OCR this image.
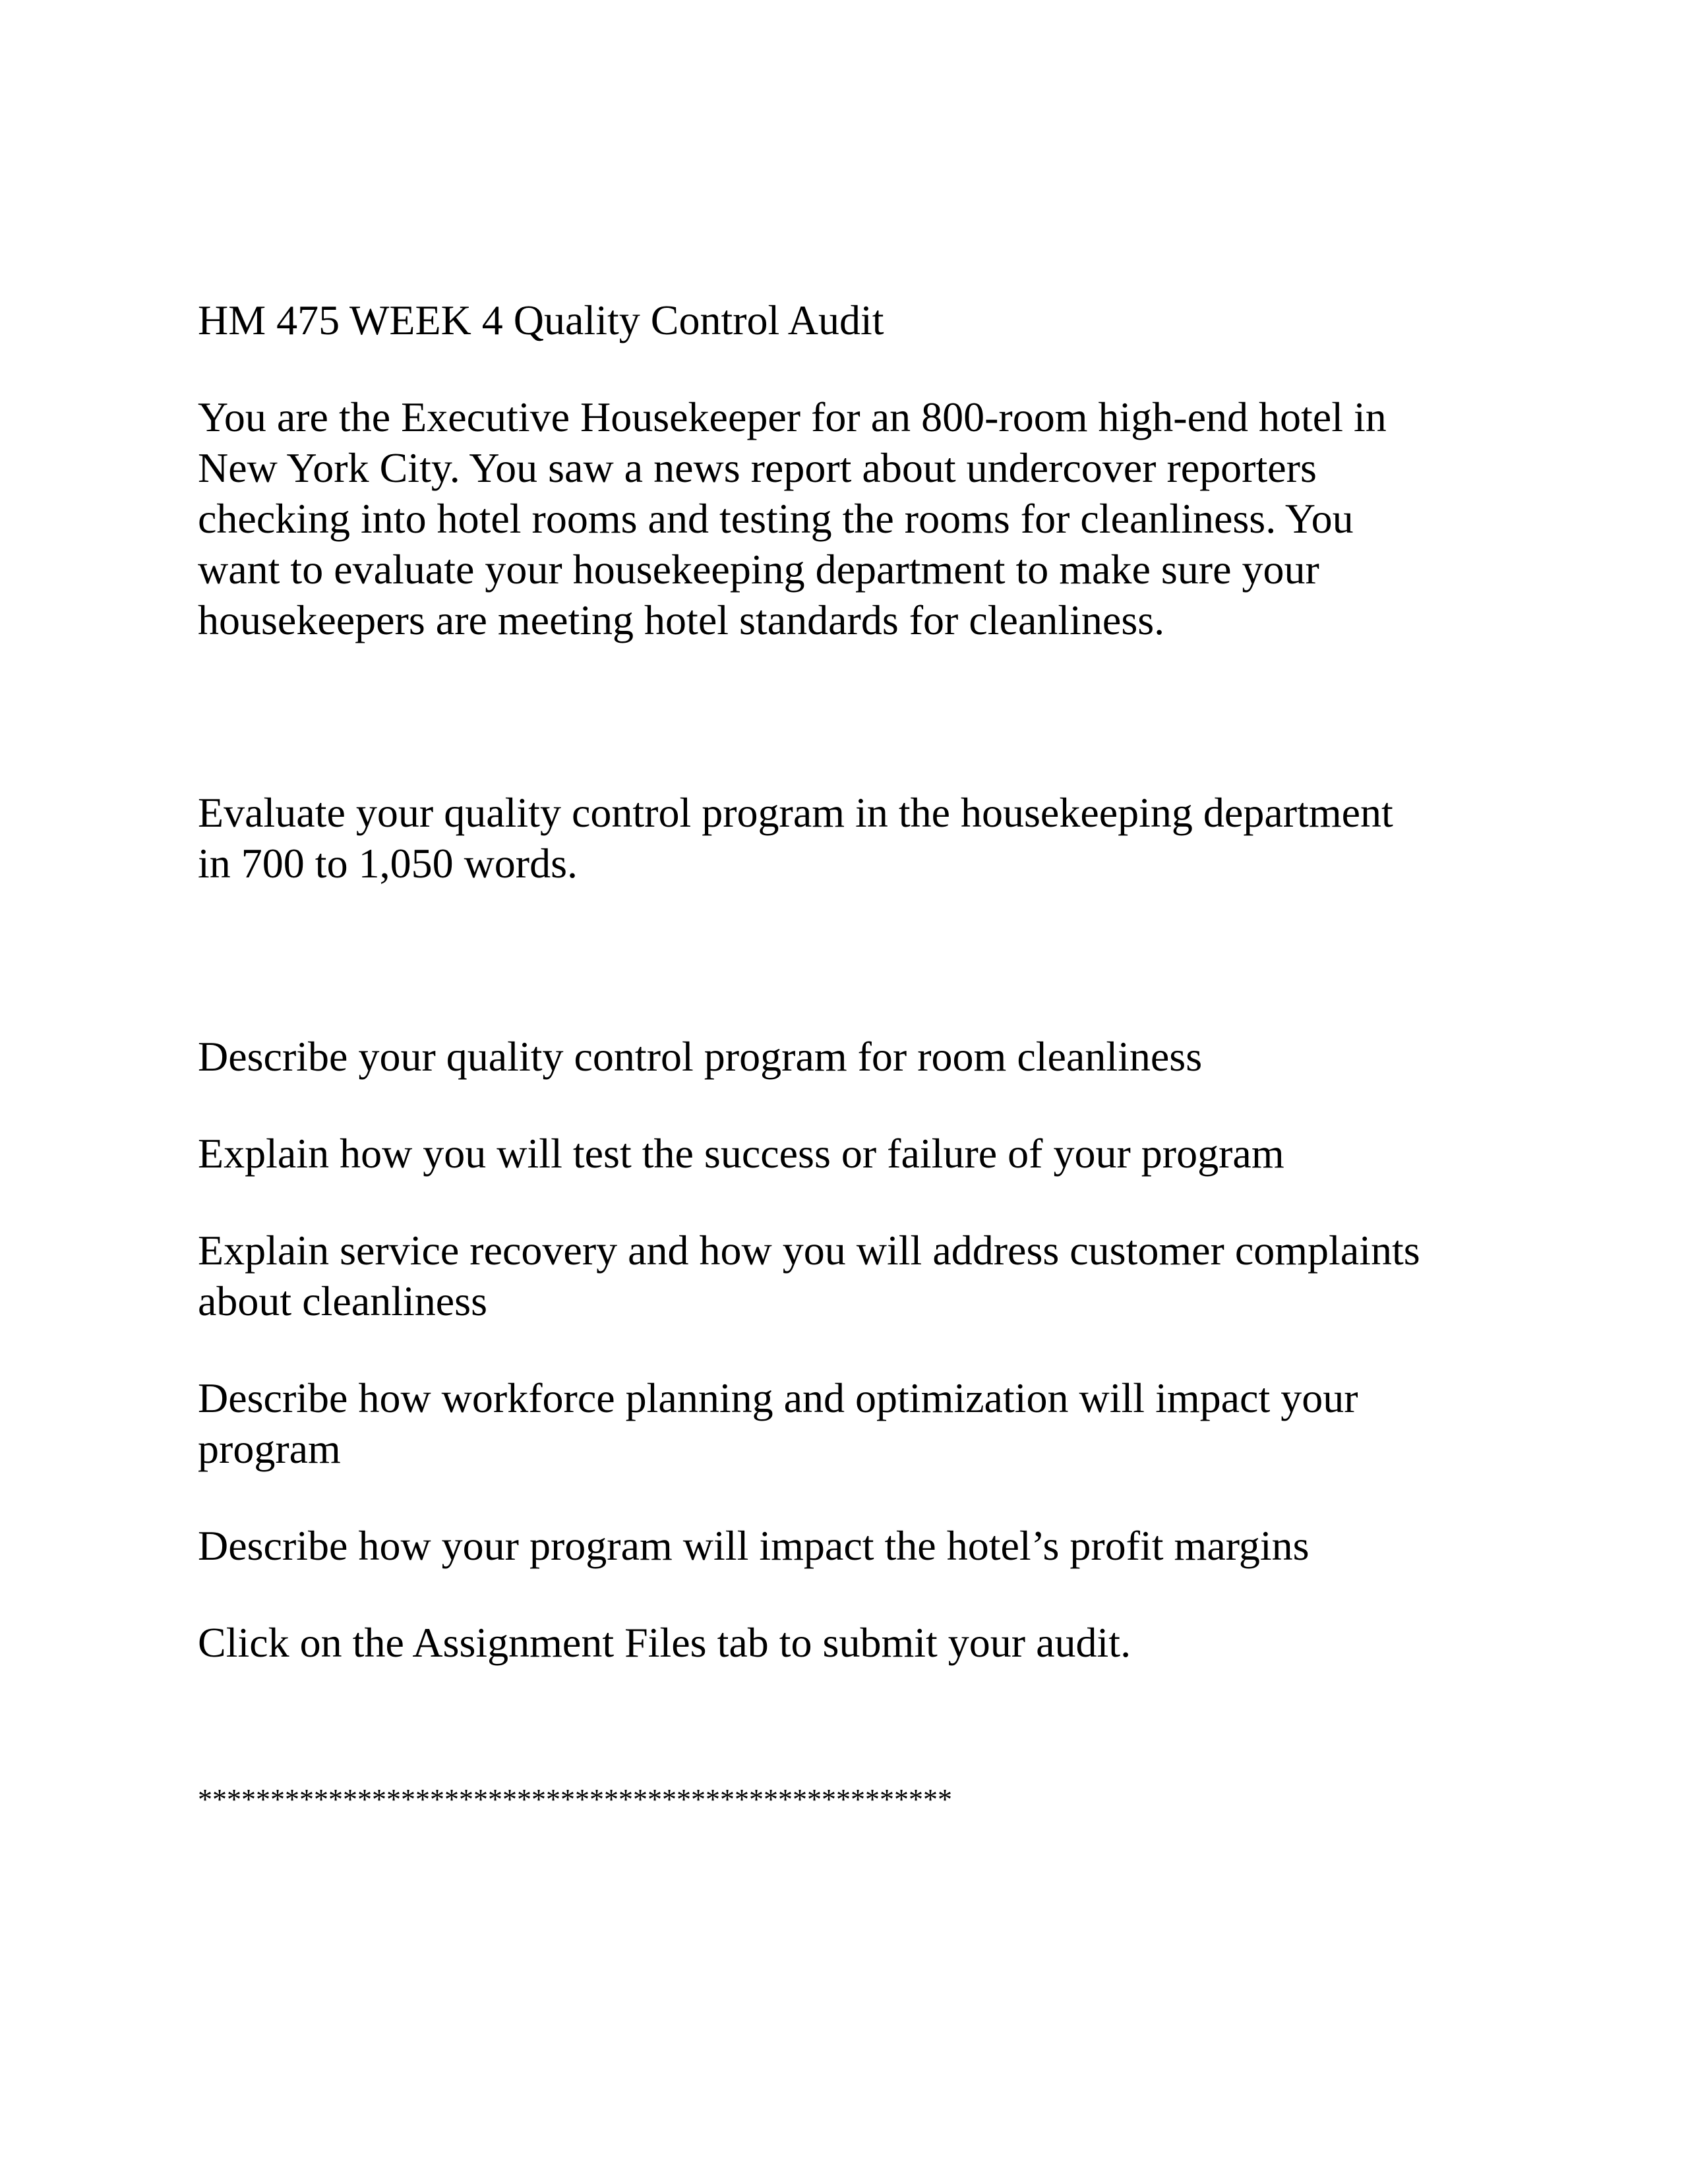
HM 475 WEEK 4 Quality Control Audit

You are the Executive Housekeeper for an 800-room high-end hotel in
New York City. You saw a news report about undercover reporters
checking into hotel rooms and testing the rooms for cleanliness. You
want to evaluate your housekeeping department to make sure your
housekeepers are meeting hotel standards for cleanliness.

Evaluate your quality control program in the housekeeping department
in 700 to 1,050 words.

Describe your quality control program for room cleanliness

Explain how you will test the success or failure of your program

Explain service recovery and how you will address customer complaints
about cleanliness

Describe how workforce planning and optimization will impact your
program

Describe how your program will impact the hotel’s profit margins

Click on the Assignment Files tab to submit your audit.

****************************************************
